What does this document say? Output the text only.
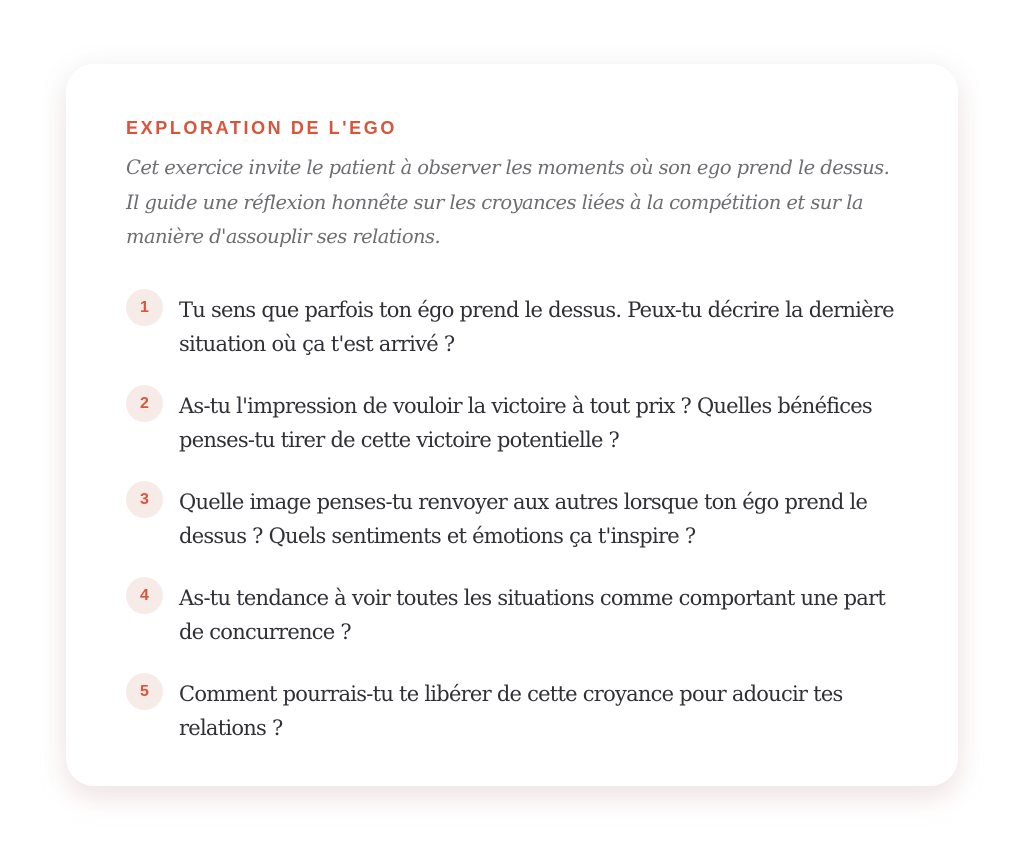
EXPLORATION DE L'EGO

Cet exercice invite le patient à observer les moments où son ego prend le dessus. Il guide une réflexion honnête sur les croyances liées à la compétition et sur la manière d'assouplir ses relations.

1	Tu sens que parfois ton égo prend le dessus. Peux-tu décrire la dernière situation où ça t'est arrivé ?
2	As-tu l'impression de vouloir la victoire à tout prix ? Quelles bénéfices penses-tu tirer de cette victoire potentielle ?
3	Quelle image penses-tu renvoyer aux autres lorsque ton égo prend le dessus ? Quels sentiments et émotions ça t'inspire ?
4	As-tu tendance à voir toutes les situations comme comportant une part de concurrence ?
5	Comment pourrais-tu te libérer de cette croyance pour adoucir tes relations ?
